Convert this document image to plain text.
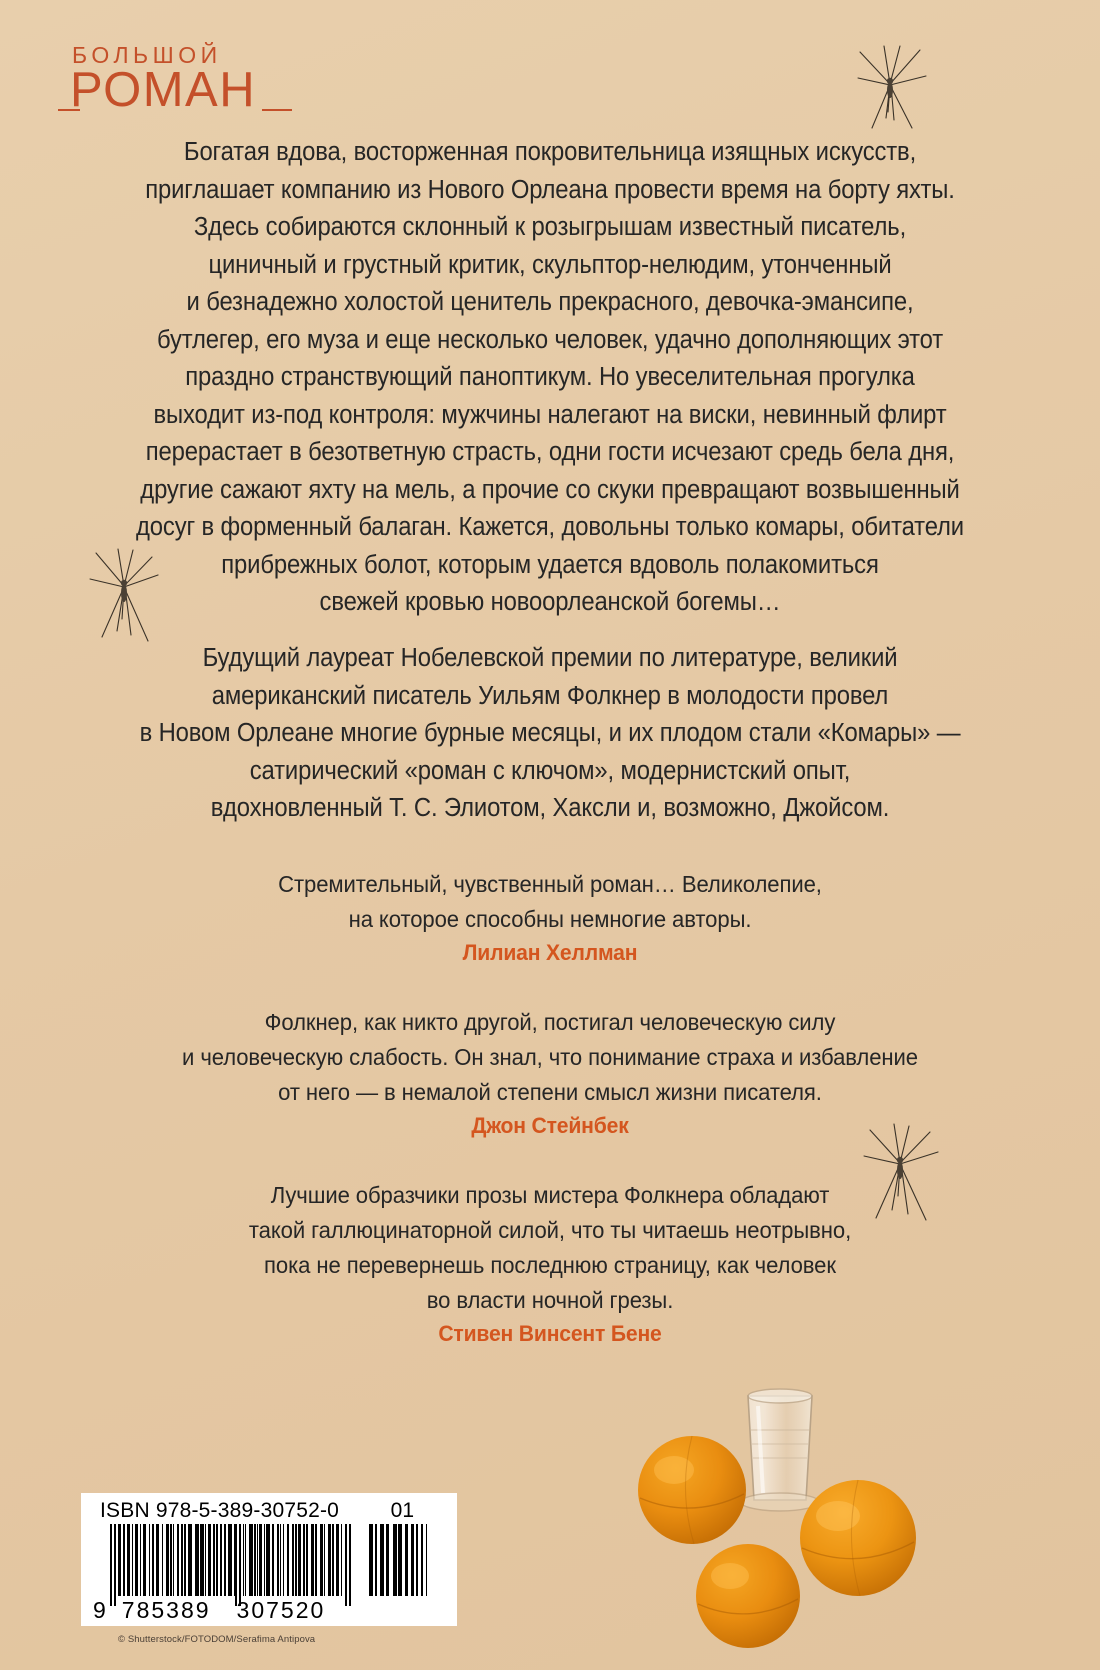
БОЛЬШОЙ
РОМАН
Богатая вдова, восторженная покровительница изящных искусств,
приглашает компанию из Нового Орлеана провести время на борту яхты.
Здесь собираются склонный к розыгрышам известный писатель,
циничный и грустный критик, скульптор-нелюдим, утонченный
и безнадежно холостой ценитель прекрасного, девочка-эмансипе,
бутлегер, его муза и еще несколько человек, удачно дополняющих этот
праздно странствующий паноптикум. Но увеселительная прогулка
выходит из-под контроля: мужчины налегают на виски, невинный флирт
перерастает в безответную страсть, одни гости исчезают средь бела дня,
другие сажают яхту на мель, а прочие со скуки превращают возвышенный
досуг в форменный балаган. Кажется, довольны только комары, обитатели
прибрежных болот, которым удается вдоволь полакомиться
свежей кровью новоорлеанской богемы…
Будущий лауреат Нобелевской премии по литературе, великий
американский писатель Уильям Фолкнер в молодости провел
в Новом Орлеане многие бурные месяцы, и их плодом стали «Комары» —
сатирический «роман с ключом», модернистский опыт,
вдохновленный Т. С. Элиотом, Хаксли и, возможно, Джойсом.
Стремительный, чувственный роман… Великолепие,
на которое способны немногие авторы.
Лилиан Хеллман
Фолкнер, как никто другой, постигал человеческую силу
и человеческую слабость. Он знал, что понимание страха и избавление
от него — в немалой степени смысл жизни писателя.
Джон Стейнбек
Лучшие образчики прозы мистера Фолкнера обладают
такой галлюцинаторной силой, что ты читаешь неотрывно,
пока не перевернешь последнюю страницу, как человек
во власти ночной грезы.
Стивен Винсент Бене
ISBN 978-5-389-30752-0 01
9 785389 307520
© Shutterstock/FOTODOM/Serafima Antipova
